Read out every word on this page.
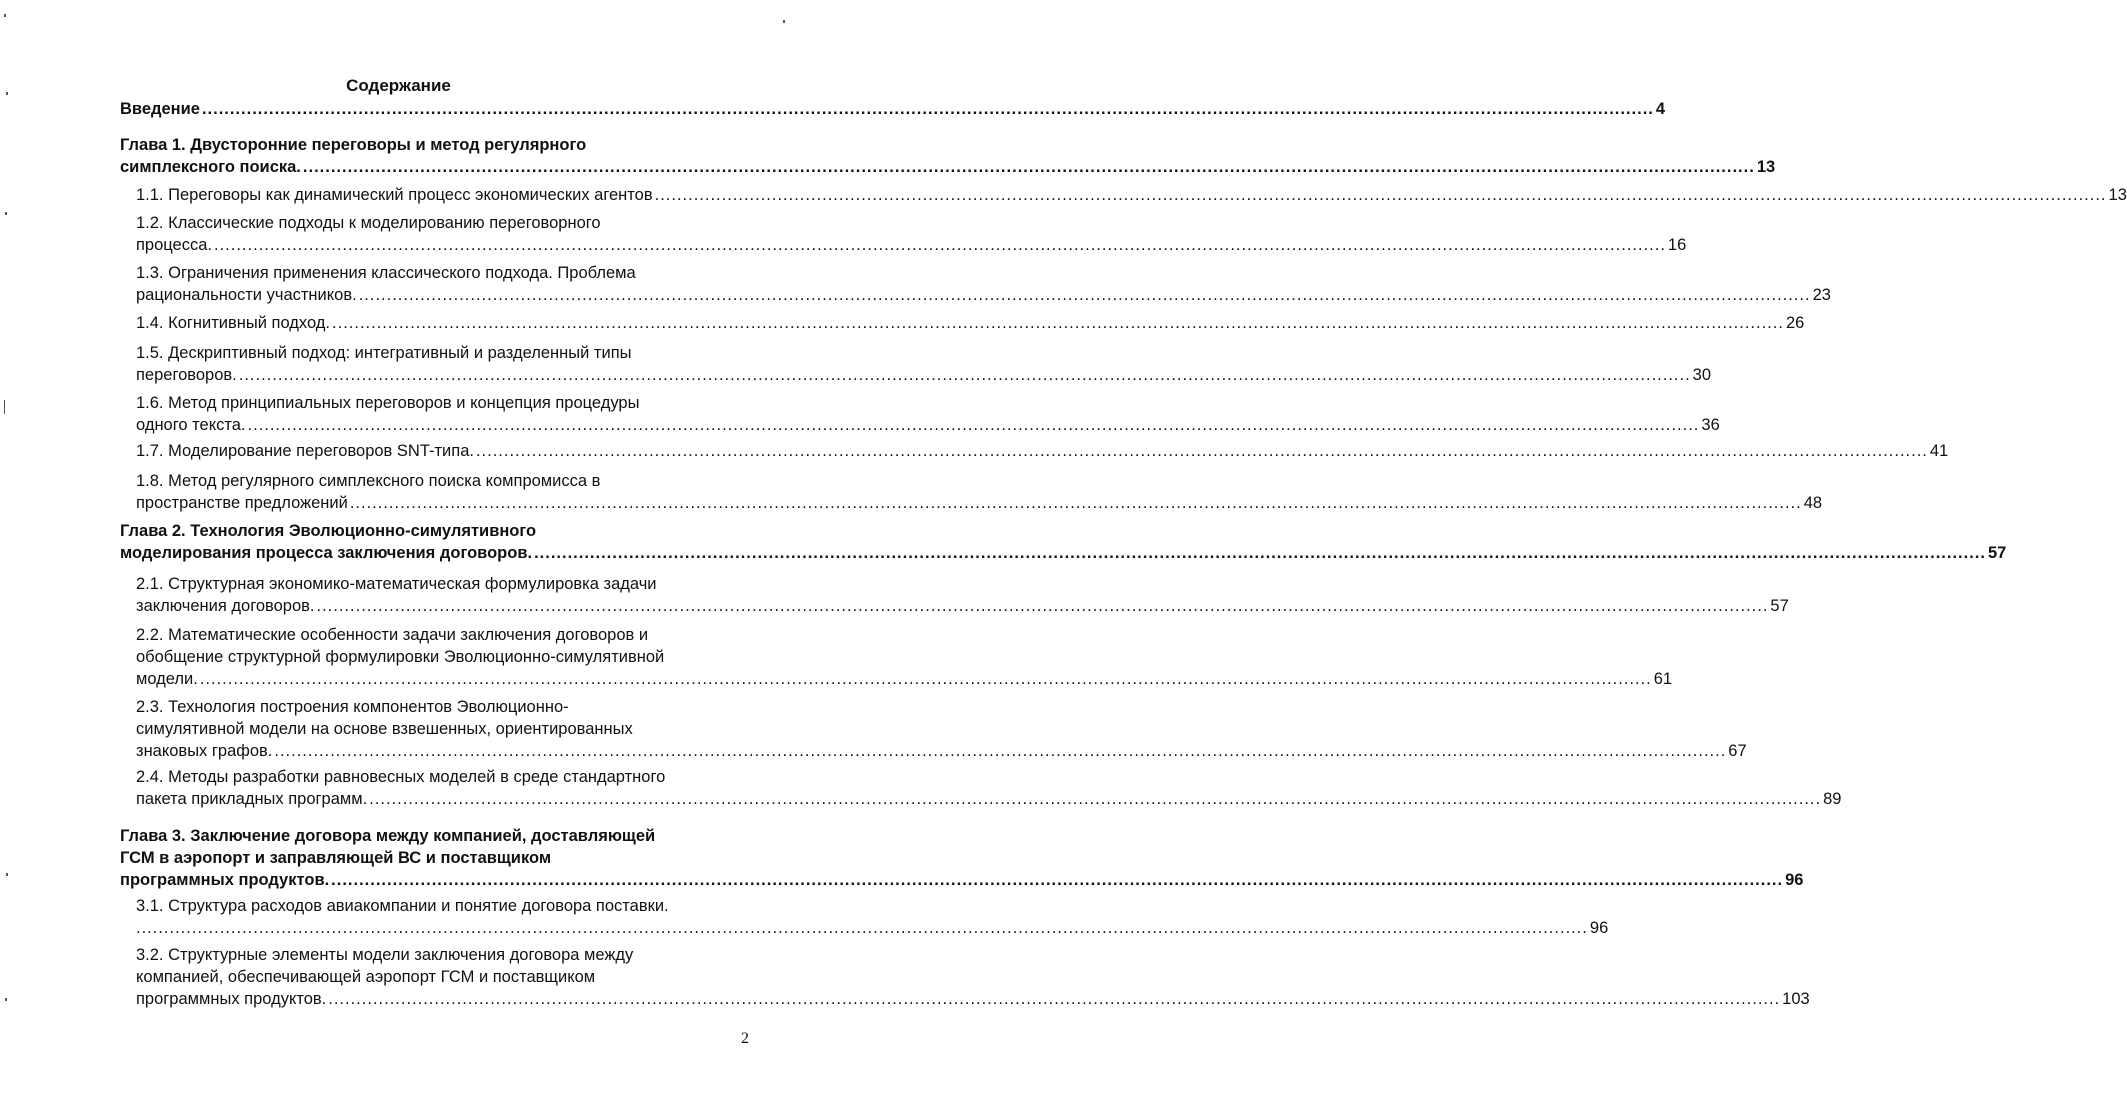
Содержание
Введение .................................................................................................................................................................................................................................................................... 4
Глава 1. Двусторонние переговоры и метод регулярного
симплексного поиска. .................................................................................................................................................................................................................................................................... 13
1.1. Переговоры как динамический процесс экономических агентов .................................................................................................................................................................................................................................................................... 13
1.2. Классические подходы к моделированию переговорного
процесса. .................................................................................................................................................................................................................................................................... 16
1.3. Ограничения применения классического подхода. Проблема
рациональности участников. .................................................................................................................................................................................................................................................................... 23
1.4. Когнитивный подход. .................................................................................................................................................................................................................................................................... 26
1.5. Дескриптивный подход: интегративный и разделенный типы
переговоров. .................................................................................................................................................................................................................................................................... 30
1.6. Метод принципиальных переговоров и концепция процедуры
одного текста. .................................................................................................................................................................................................................................................................... 36
1.7. Моделирование переговоров SNT-типа. .................................................................................................................................................................................................................................................................... 41
1.8. Метод регулярного симплексного поиска компромисса в
пространстве предложений .................................................................................................................................................................................................................................................................... 48
Глава 2. Технология Эволюционно-симулятивного
моделирования процесса заключения договоров. .................................................................................................................................................................................................................................................................... 57
2.1. Структурная экономико-математическая формулировка задачи
заключения договоров. .................................................................................................................................................................................................................................................................... 57
2.2. Математические особенности задачи заключения договоров и
обобщение структурной формулировки Эволюционно-симулятивной
модели. .................................................................................................................................................................................................................................................................... 61
2.3. Технология построения компонентов Эволюционно-
симулятивной модели на основе взвешенных, ориентированных
знаковых графов. .................................................................................................................................................................................................................................................................... 67
2.4. Методы разработки равновесных моделей в среде стандартного
пакета прикладных программ. .................................................................................................................................................................................................................................................................... 89
Глава 3. Заключение договора между компанией, доставляющей
ГСМ в аэропорт и заправляющей ВС и поставщиком
программных продуктов. .................................................................................................................................................................................................................................................................... 96
3.1. Структура расходов авиакомпании и понятие договора поставки.
.................................................................................................................................................................................................................................................................... 96
3.2. Структурные элементы модели заключения договора между
компанией, обеспечивающей аэропорт ГСМ и поставщиком
программных продуктов. .................................................................................................................................................................................................................................................................... 103
2
